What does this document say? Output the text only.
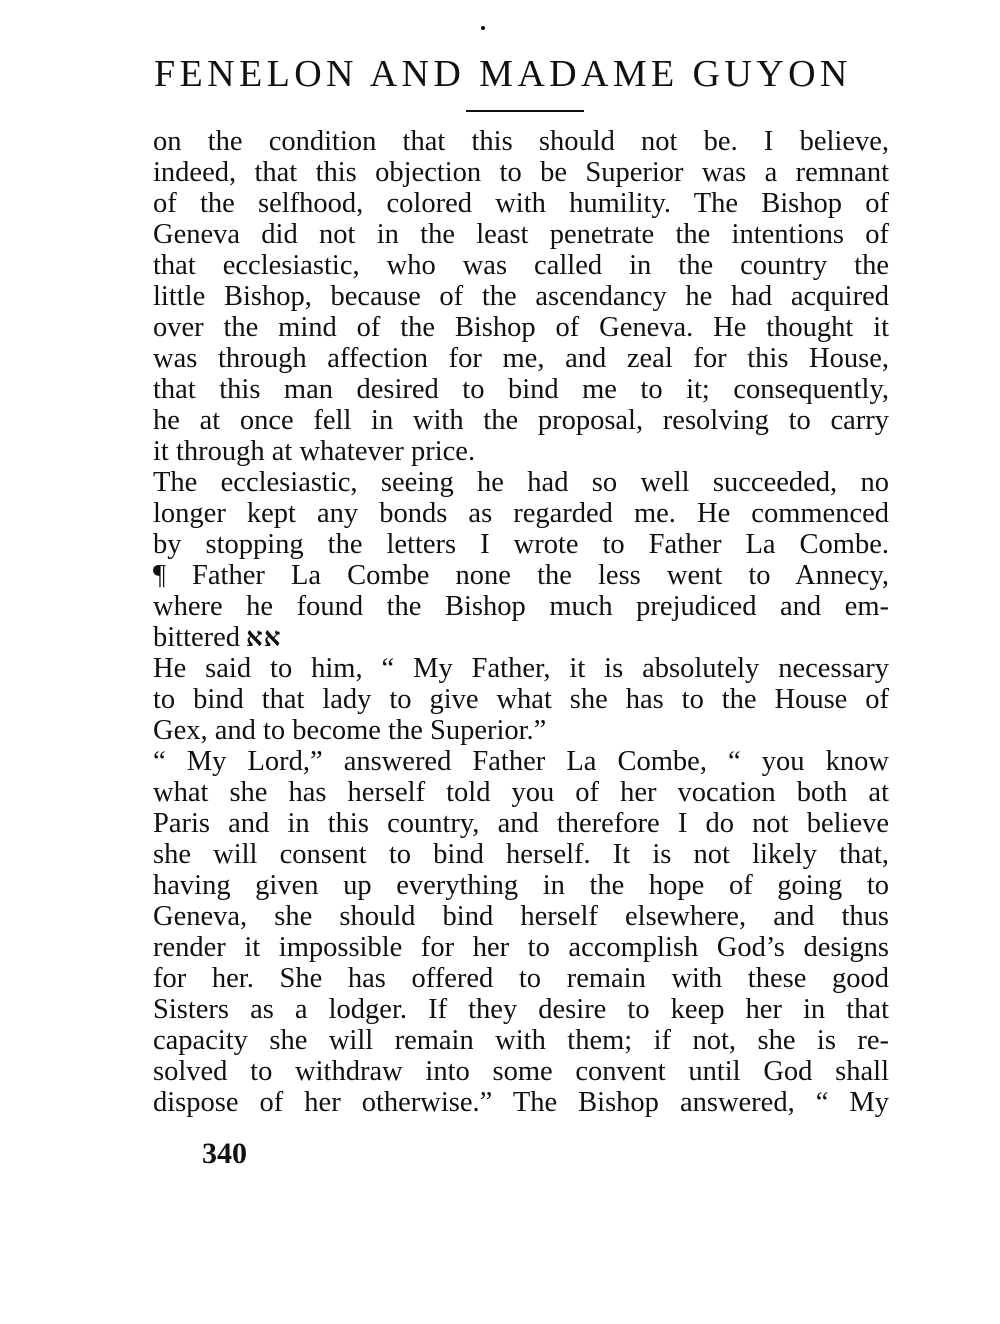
FENELON AND MADAME GUYON
on the condition that this should not be. I believe,
indeed, that this objection to be Superior was a remnant
of the selfhood, colored with humility. The Bishop of
Geneva did not in the least penetrate the intentions of
that ecclesiastic, who was called in the country the
little Bishop, because of the ascendancy he had acquired
over the mind of the Bishop of Geneva. He thought it
was through affection for me, and zeal for this House,
that this man desired to bind me to it; consequently,
he at once fell in with the proposal, resolving to carry
it through at whatever price.
The ecclesiastic, seeing he had so well succeeded, no
longer kept any bonds as regarded me. He commenced
by stopping the letters I wrote to Father La Combe.
¶ Father La Combe none the less went to Annecy,
where he found the Bishop much prejudiced and em-
bittered ﬡﬡ
He said to him, “ My Father, it is absolutely necessary
to bind that lady to give what she has to the House of
Gex, and to become the Superior.”
“ My Lord,” answered Father La Combe, “ you know
what she has herself told you of her vocation both at
Paris and in this country, and therefore I do not believe
she will consent to bind herself. It is not likely that,
having given up everything in the hope of going to
Geneva, she should bind herself elsewhere, and thus
render it impossible for her to accomplish God’s designs
for her. She has offered to remain with these good
Sisters as a lodger. If they desire to keep her in that
capacity she will remain with them; if not, she is re-
solved to withdraw into some convent until God shall
dispose of her otherwise.” The Bishop answered, “ My
340
